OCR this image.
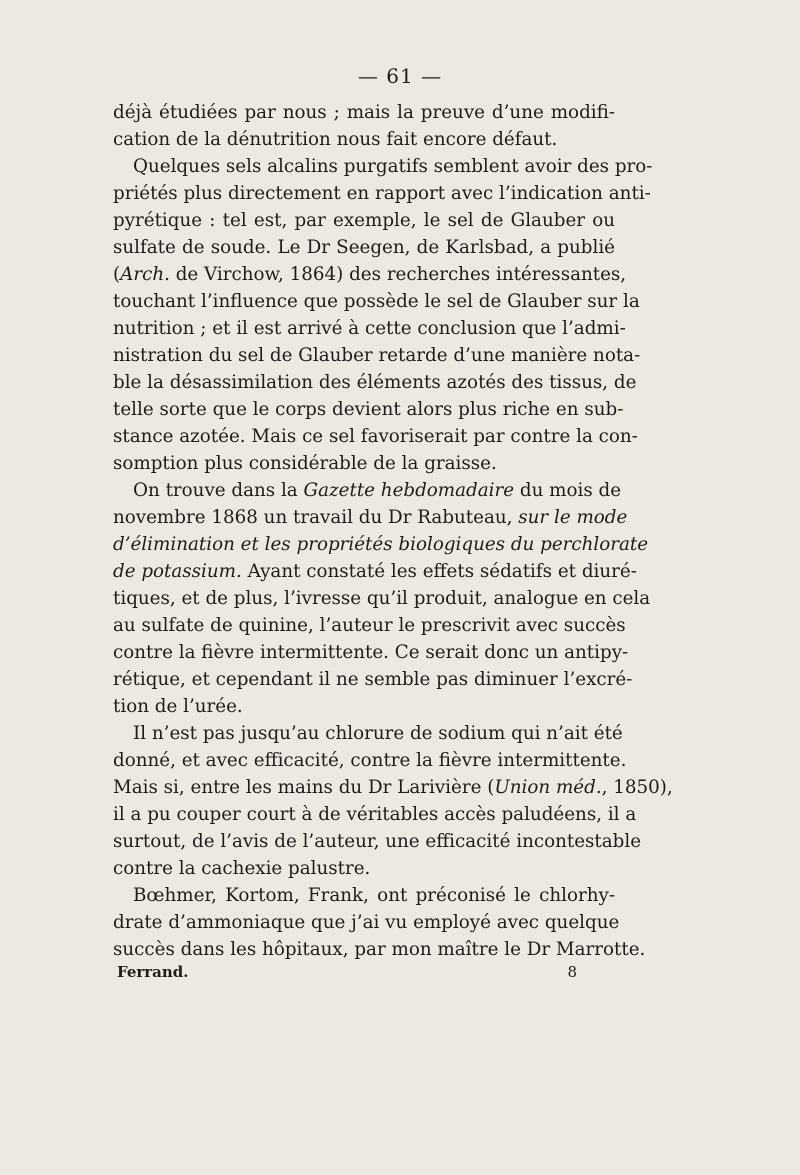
— 61 —
déjà étudiées par nous ; mais la preuve d’une modifi-
cation de la dénutrition nous fait encore défaut.
Quelques sels alcalins purgatifs semblent avoir des pro-
priétés plus directement en rapport avec l’indication anti-
pyrétique : tel est, par exemple, le sel de Glauber ou
sulfate de soude. Le Dr Seegen, de Karlsbad, a publié
(Arch. de Virchow, 1864) des recherches intéressantes,
touchant l’influence que possède le sel de Glauber sur la
nutrition ; et il est arrivé à cette conclusion que l’admi-
nistration du sel de Glauber retarde d’une manière nota-
ble la désassimilation des éléments azotés des tissus, de
telle sorte que le corps devient alors plus riche en sub-
stance azotée. Mais ce sel favoriserait par contre la con-
somption plus considérable de la graisse.
On trouve dans la Gazette hebdomadaire du mois de
novembre 1868 un travail du Dr Rabuteau, sur le mode
d’élimination et les propriétés biologiques du perchlorate
de potassium. Ayant constaté les effets sédatifs et diuré-
tiques, et de plus, l’ivresse qu’il produit, analogue en cela
au sulfate de quinine, l’auteur le prescrivit avec succès
contre la fièvre intermittente. Ce serait donc un antipy-
rétique, et cependant il ne semble pas diminuer l’excré-
tion de l’urée.
Il n’est pas jusqu’au chlorure de sodium qui n’ait été
donné, et avec efficacité, contre la fièvre intermittente.
Mais si, entre les mains du Dr Larivière (Union méd., 1850),
il a pu couper court à de véritables accès paludéens, il a
surtout, de l’avis de l’auteur, une efficacité incontestable
contre la cachexie palustre.
Bœhmer, Kortom, Frank, ont préconisé le chlorhy-
drate d’ammoniaque que j’ai vu employé avec quelque
succès dans les hôpitaux, par mon maître le Dr Marrotte.
Ferrand.	8
